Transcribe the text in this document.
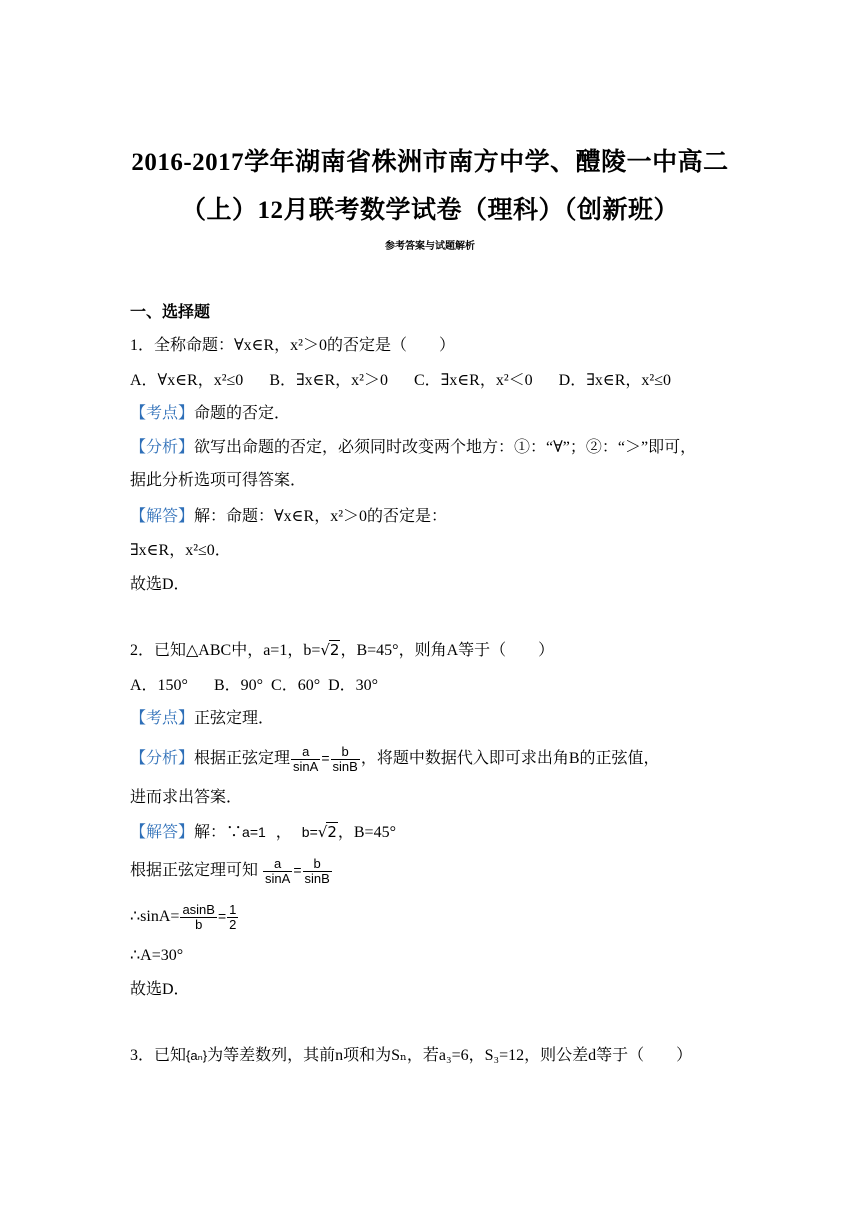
2016-2017学年湖南省株洲市南方中学、醴陵一中高二
（上）12月联考数学试卷（理科）（创新班）
参考答案与试题解析
一、选择题
1．全称命题：∀x∈R，x²＞0的否定是（　　）
A．∀x∈R，x²≤0 B．∃x∈R，x²＞0 C．∃x∈R，x²＜0 D．∃x∈R，x²≤0
【考点】命题的否定．
【分析】欲写出命题的否定，必须同时改变两个地方：①：“∀”；②：“＞”即可，
据此分析选项可得答案．
【解答】解：命题：∀x∈R，x²＞0的否定是：
∃x∈R，x²≤0．
故选D．
2．已知△ABC中，a=1，b=√2，B=45°，则角A等于（　　）
A．150° B．90° C．60° D．30°
【考点】正弦定理．
【分析】根据正弦定理 $\frac{a}{\sin A} = \frac{b}{\sin B}$ ，将题中数据代入即可求出角B的正弦值，
进而求出答案．
【解答】解：∵a=1 ， b=√2，B=45°
根据正弦定理可知 $\frac{a}{\sin A} = \frac{b}{\sin B}$
∴sinA= $\frac{asinB}{b} = \frac{1}{2}$
∴A=30°
故选D．
3．已知{aₙ}为等差数列，其前n项和为Sₙ，若a₃=6，S₃=12，则公差d等于（　　）
